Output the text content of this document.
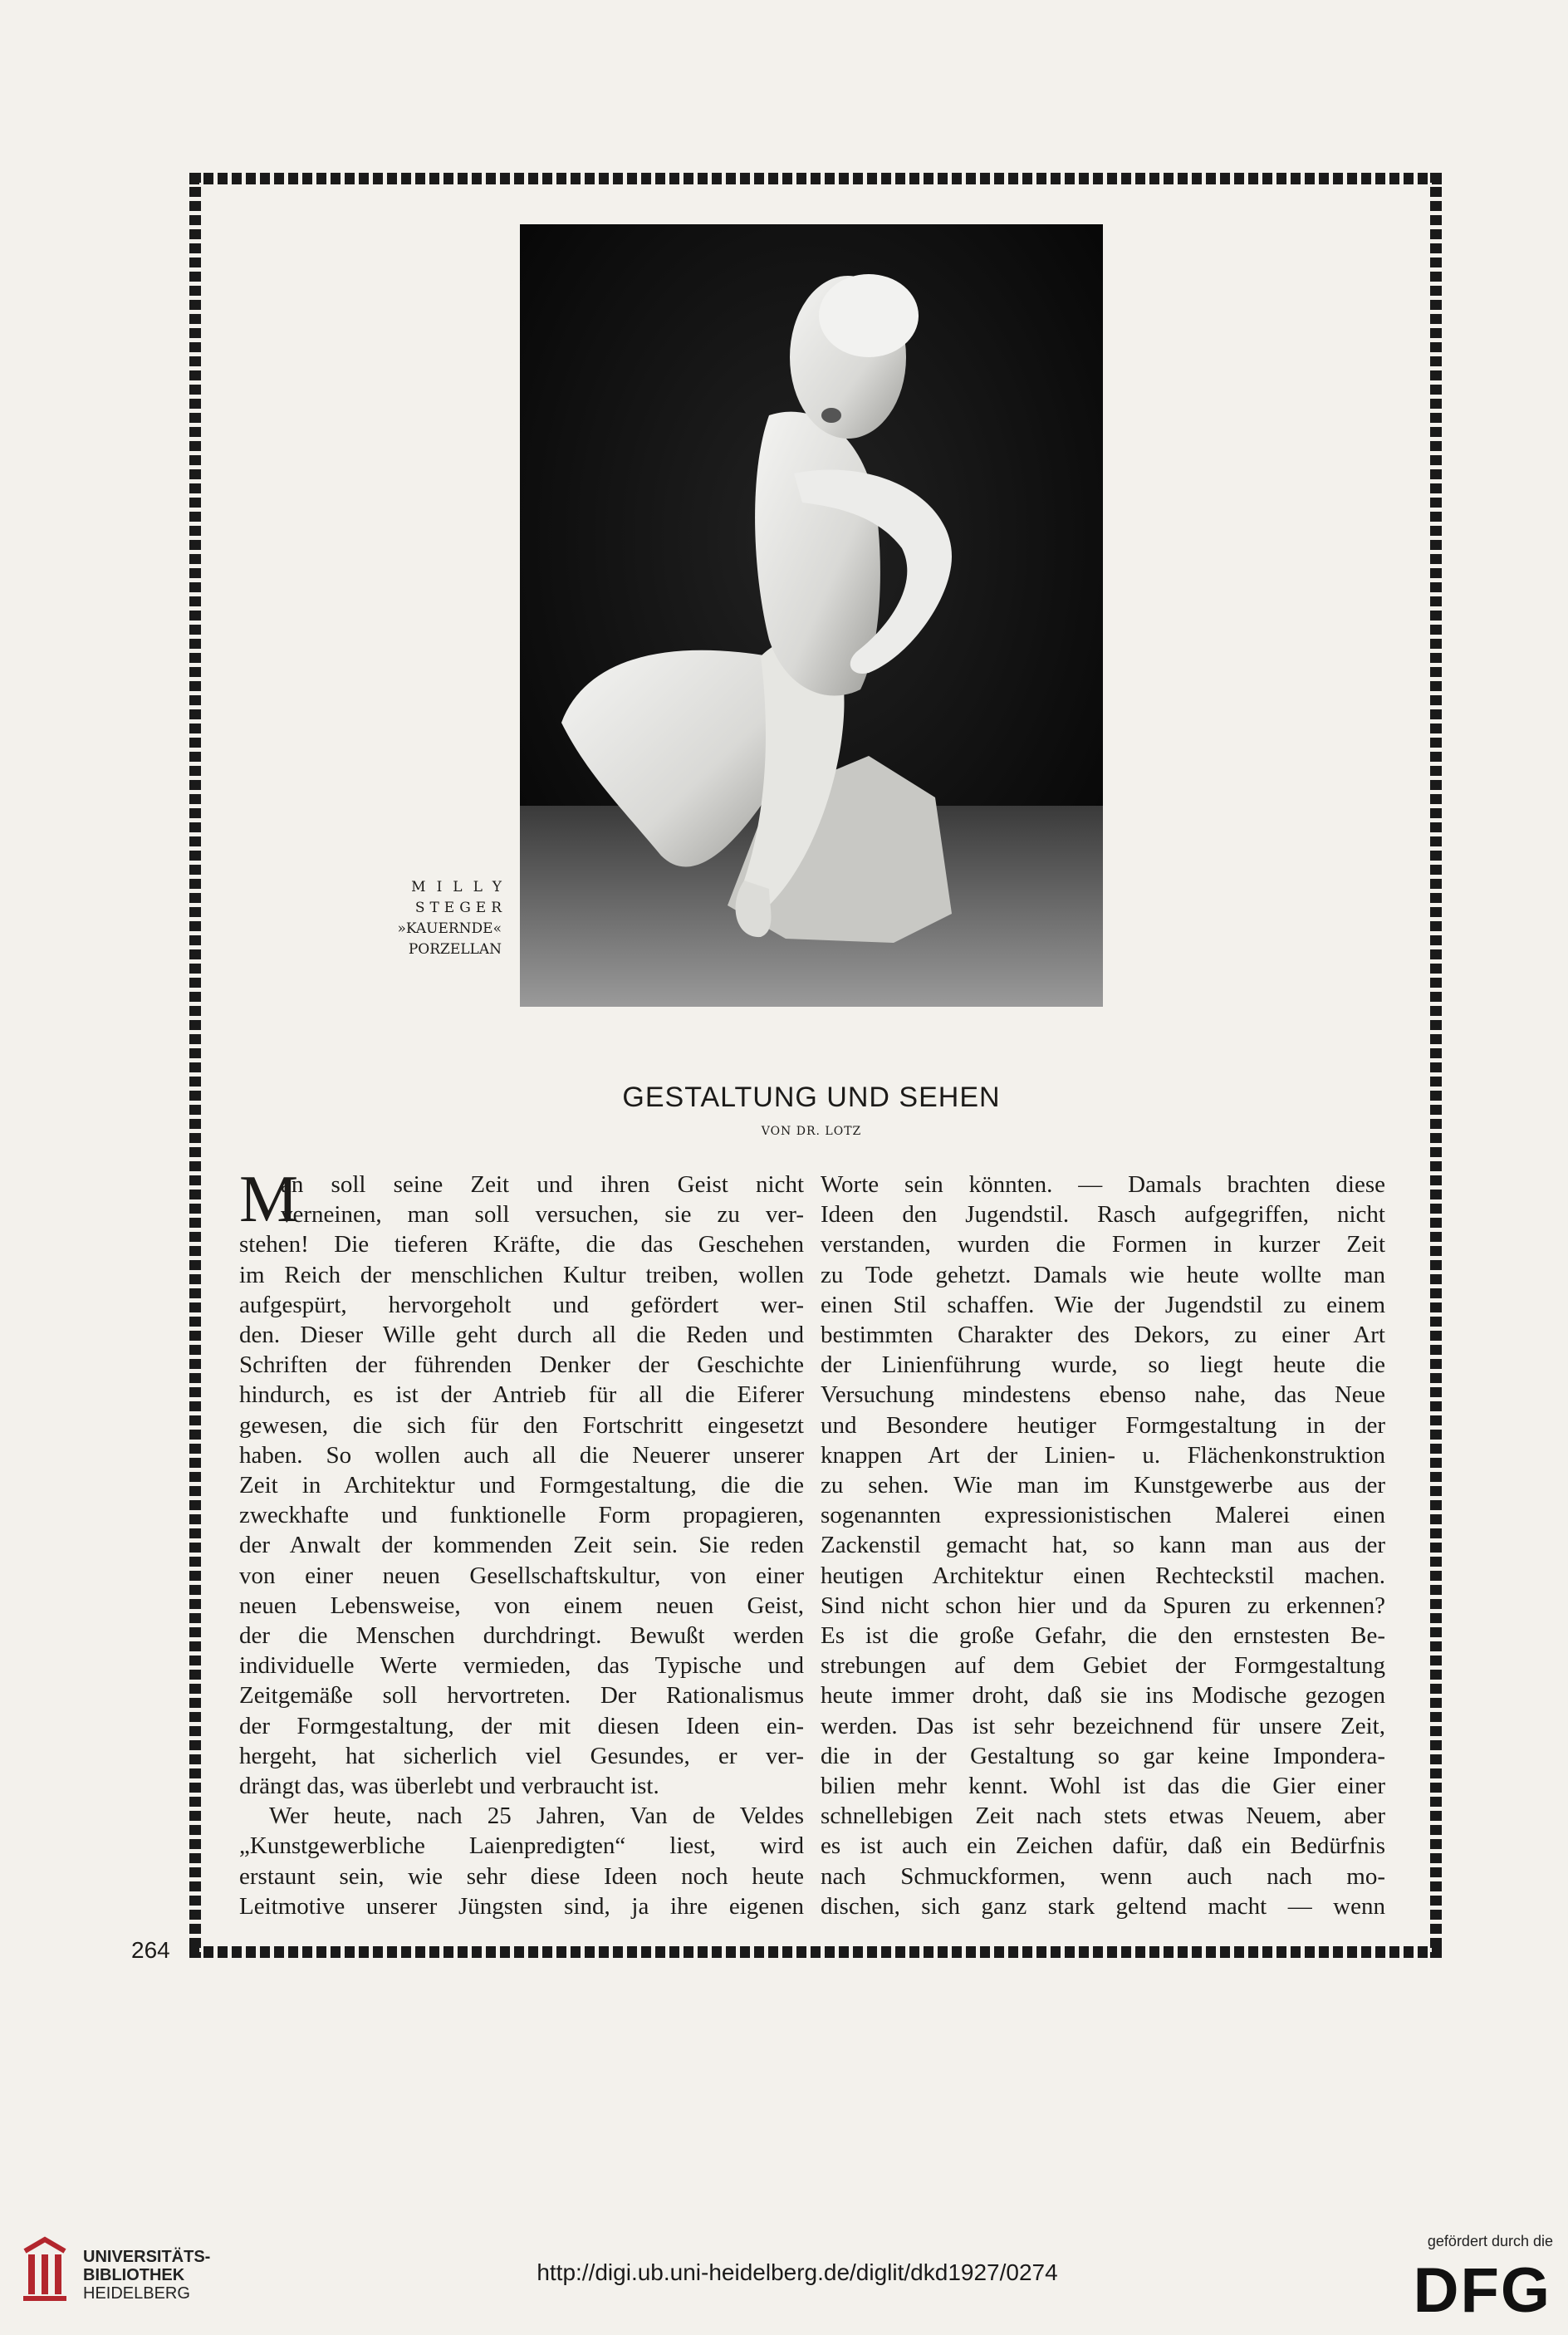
MILLY
STEGER
»KAUERNDE«
PORZELLAN
GESTALTUNG UND SEHEN
VON DR. LOTZ
M
an soll seine Zeit und ihren Geist nicht
verneinen, man soll versuchen, sie zu ver-
stehen! Die tieferen Kräfte, die das Geschehen
im Reich der menschlichen Kultur treiben, wollen
aufgespürt, hervorgeholt und gefördert wer-
den. Dieser Wille geht durch all die Reden und
Schriften der führenden Denker der Geschichte
hindurch, es ist der Antrieb für all die Eiferer
gewesen, die sich für den Fortschritt eingesetzt
haben. So wollen auch all die Neuerer unserer
Zeit in Architektur und Formgestaltung, die die
zweckhafte und funktionelle Form propagieren,
der Anwalt der kommenden Zeit sein. Sie reden
von einer neuen Gesellschaftskultur, von einer
neuen Lebensweise, von einem neuen Geist,
der die Menschen durchdringt. Bewußt werden
individuelle Werte vermieden, das Typische und
Zeitgemäße soll hervortreten. Der Rationalismus
der Formgestaltung, der mit diesen Ideen ein-
hergeht, hat sicherlich viel Gesundes, er ver-
drängt das, was überlebt und verbraucht ist.
Wer heute, nach 25 Jahren, Van de Veldes
„Kunstgewerbliche Laienpredigten“ liest, wird
erstaunt sein, wie sehr diese Ideen noch heute
Leitmotive unserer Jüngsten sind, ja ihre eigenen
Worte sein könnten. — Damals brachten diese
Ideen den Jugendstil. Rasch aufgegriffen, nicht
verstanden, wurden die Formen in kurzer Zeit
zu Tode gehetzt. Damals wie heute wollte man
einen Stil schaffen. Wie der Jugendstil zu einem
bestimmten Charakter des Dekors, zu einer Art
der Linienführung wurde, so liegt heute die
Versuchung mindestens ebenso nahe, das Neue
und Besondere heutiger Formgestaltung in der
knappen Art der Linien- u. Flächenkonstruktion
zu sehen. Wie man im Kunstgewerbe aus der
sogenannten expressionistischen Malerei einen
Zackenstil gemacht hat, so kann man aus der
heutigen Architektur einen Rechteckstil machen.
Sind nicht schon hier und da Spuren zu erkennen?
Es ist die große Gefahr, die den ernstesten Be-
strebungen auf dem Gebiet der Formgestaltung
heute immer droht, daß sie ins Modische gezogen
werden. Das ist sehr bezeichnend für unsere Zeit,
die in der Gestaltung so gar keine Impondera-
bilien mehr kennt. Wohl ist das die Gier einer
schnellebigen Zeit nach stets etwas Neuem, aber
es ist auch ein Zeichen dafür, daß ein Bedürfnis
nach Schmuckformen, wenn auch nach mo-
dischen, sich ganz stark geltend macht — wenn
264
UNIVERSITÄTS-
BIBLIOTHEK
HEIDELBERG
http://digi.ub.uni-heidelberg.de/diglit/dkd1927/0274
gefördert durch die
DFG
